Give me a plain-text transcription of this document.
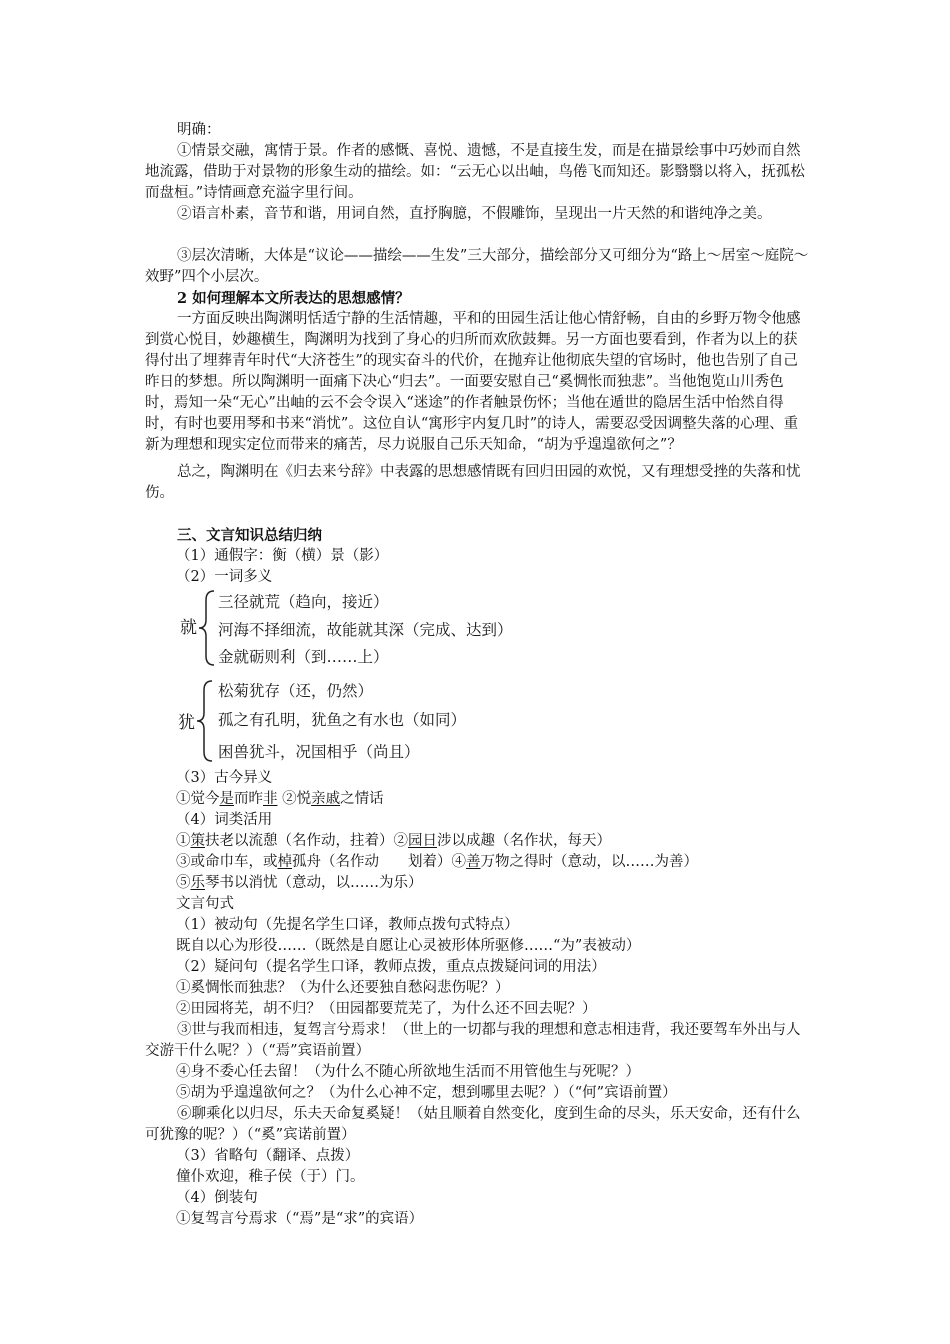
明确：
①情景交融，寓情于景。作者的感慨、喜悦、遗憾，不是直接生发，而是在描景绘事中巧妙而自然地流露，借助于对景物的形象生动的描绘。如：“云无心以出岫，鸟倦飞而知还。影翳翳以将入，抚孤松而盘桓。”诗情画意充溢字里行间。
②语言朴素，音节和谐，用词自然，直抒胸臆，不假雕饰，呈现出一片天然的和谐纯净之美。
③层次清晰，大体是“议论——描绘——生发”三大部分，描绘部分又可细分为“路上～居室～庭院～效野”四个小层次。
2 如何理解本文所表达的思想感情？
一方面反映出陶渊明恬适宁静的生活情趣，平和的田园生活让他心情舒畅，自由的乡野万物令他感到赏心悦目，妙趣横生，陶渊明为找到了身心的归所而欢欣鼓舞。另一方面也要看到，作者为以上的获得付出了埋葬青年时代“大济苍生”的现实奋斗的代价，在抛弃让他彻底失望的官场时，他也告别了自己昨日的梦想。所以陶渊明一面痛下决心“归去”。一面要安慰自己“奚惆怅而独悲”。当他饱览山川秀色时，焉知一朵“无心”出岫的云不会令误入“迷途”的作者触景伤怀；当他在遁世的隐居生活中怡然自得时，有时也要用琴和书来“消忧”。这位自认“寓形宇内复几时”的诗人，需要忍受因调整失落的心理、重新为理想和现实定位而带来的痛苦，尽力说服自己乐天知命，“胡为乎遑遑欲何之”？
总之，陶渊明在《归去来兮辞》中表露的思想感情既有回归田园的欢悦，又有理想受挫的失落和忧伤。
三、文言知识总结归纳
（1）通假字：衡（横）景（影）
（2）一词多义
就
三径就荒（趋向，接近）
河海不择细流，故能就其深（完成、达到）
金就砺则利（到……上）
犹
松菊犹存（还，仍然）
孤之有孔明，犹鱼之有水也（如同）
困兽犹斗，况国相乎（尚且）
（3）古今异义
①觉今是而昨非 ②悦亲戚之情话
（4）词类活用
①策扶老以流憩（名作动，拄着）②园日涉以成趣（名作状，每天）
③或命巾车，或棹孤舟（名作动　　划着）④善万物之得时（意动，以……为善）
⑤乐琴书以消忧（意动，以……为乐）
文言句式
（1）被动句（先提名学生口译，教师点拨句式特点）
既自以心为形役……（既然是自愿让心灵被形体所驱修……“为”表被动）
（2）疑问句（提名学生口译，教师点拨，重点点拨疑问词的用法）
①奚惆怅而独悲？（为什么还要独自愁闷悲伤呢？）
②田园将芜，胡不归？（田园都要荒芜了，为什么还不回去呢？）
③世与我而相违，复驾言兮焉求！（世上的一切都与我的理想和意志相违背，我还要驾车外出与人交游干什么呢？）（“焉”宾语前置）
④身不委心任去留！（为什么不随心所欲地生活而不用管他生与死呢？）
⑤胡为乎遑遑欲何之？（为什么心神不定，想到哪里去呢？）（“何”宾语前置）
⑥聊乘化以归尽，乐夫天命复奚疑！（姑且顺着自然变化，度到生命的尽头，乐天安命，还有什么可犹豫的呢？）（“奚”宾诺前置）
（3）省略句（翻译、点拨）
僮仆欢迎，稚子侯（于）门。
（4）倒装句
①复驾言兮焉求（“焉”是“求”的宾语）
